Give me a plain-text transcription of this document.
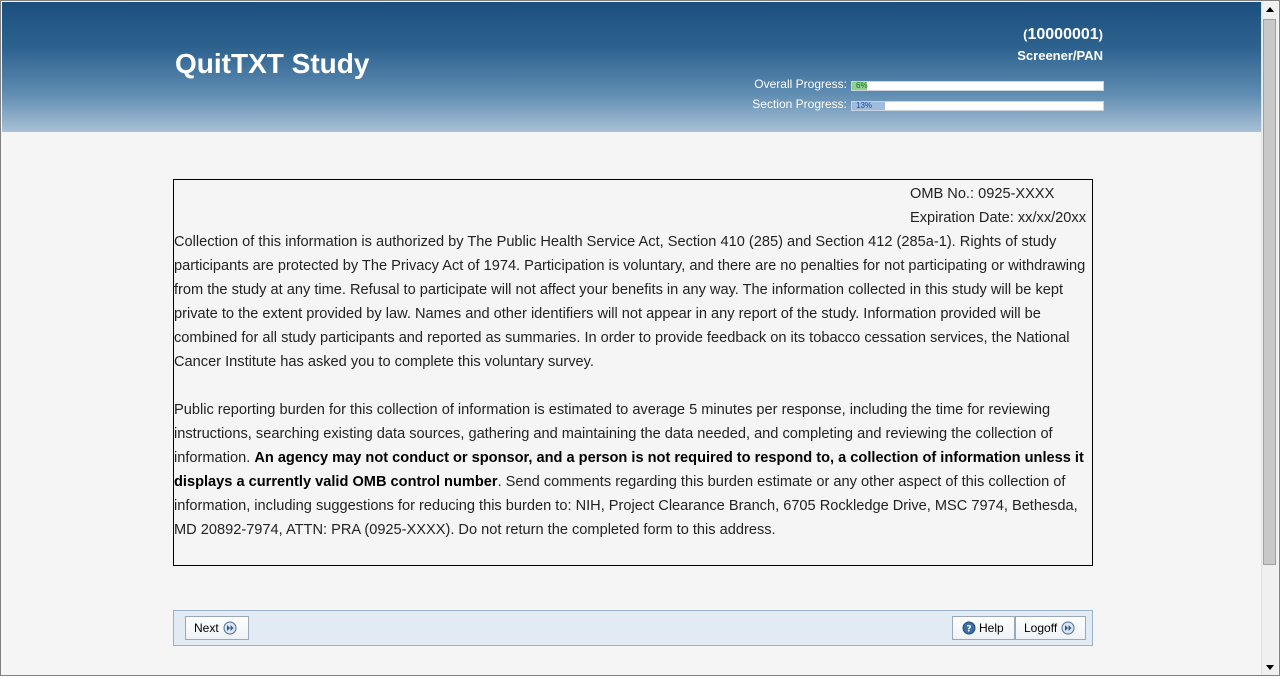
QuitTXT Study
(10000001)
Screener/PAN
Overall Progress: 6%
Section Progress: 13%
OMB No.: 0925-XXXX
Expiration Date: xx/xx/20xx

Collection of this information is authorized by The Public Health Service Act, Section 410 (285) and Section 412 (285a-1). Rights of study participants are protected by The Privacy Act of 1974. Participation is voluntary, and there are no penalties for not participating or withdrawing from the study at any time. Refusal to participate will not affect your benefits in any way. The information collected in this study will be kept private to the extent provided by law. Names and other identifiers will not appear in any report of the study. Information provided will be combined for all study participants and reported as summaries. In order to provide feedback on its tobacco cessation services, the National Cancer Institute has asked you to complete this voluntary survey.

Public reporting burden for this collection of information is estimated to average 5 minutes per response, including the time for reviewing instructions, searching existing data sources, gathering and maintaining the data needed, and completing and reviewing the collection of information. An agency may not conduct or sponsor, and a person is not required to respond to, a collection of information unless it displays a currently valid OMB control number. Send comments regarding this burden estimate or any other aspect of this collection of information, including suggestions for reducing this burden to: NIH, Project Clearance Branch, 6705 Rockledge Drive, MSC 7974, Bethesda, MD 20892-7974, ATTN: PRA (0925-XXXX). Do not return the completed form to this address.

Next	? Help Logoff
